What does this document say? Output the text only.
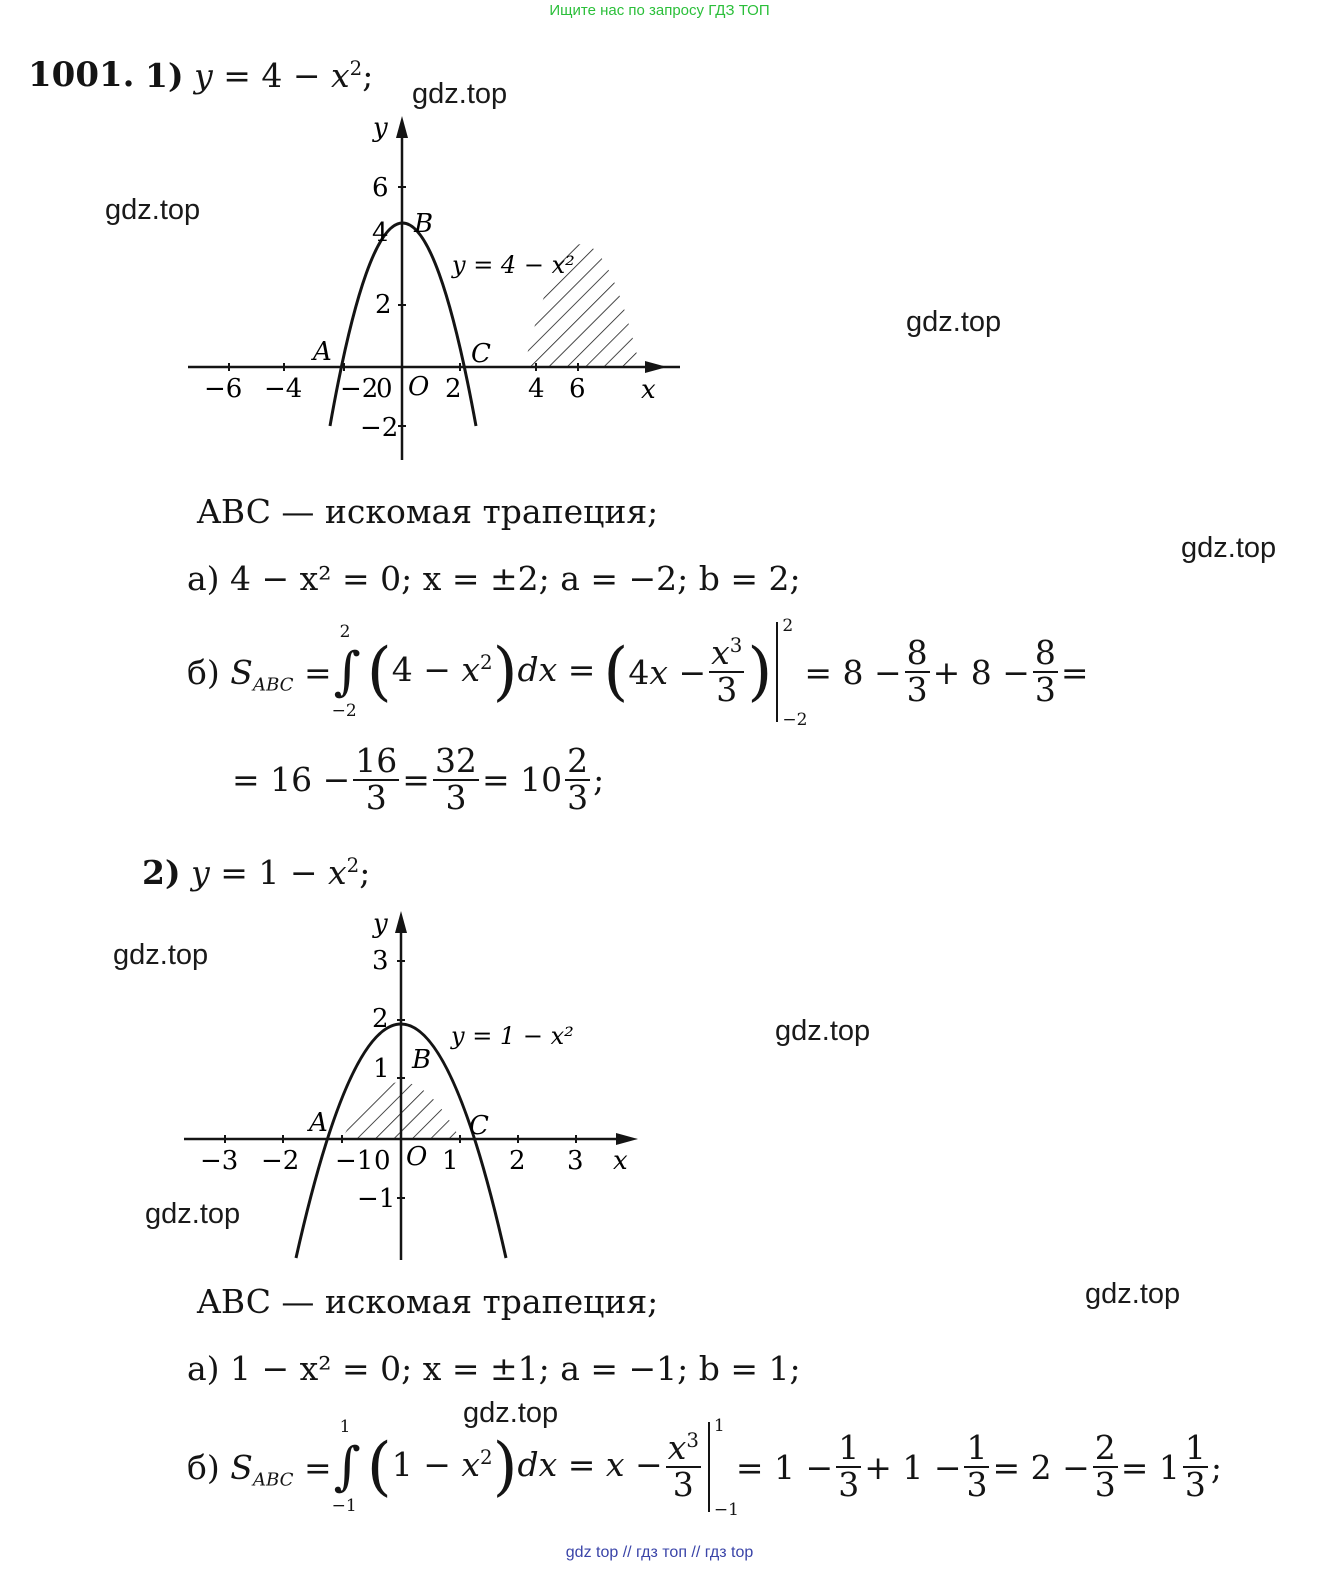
Ищите нас по запросу ГДЗ ТОП
gdz.top
gdz.top
gdz.top
gdz.top
gdz.top
gdz.top
gdz.top
gdz.top
gdz.top
1001. 1) $y = 4 - x^2$;
y
x
6
4
2
−2
−6 −4 −2
0 2	4 6
O
A
B
C
y = 4 − x²
ABC — искомая трапеция;
а) 4 − x² = 0; x = ±2; a = −2; b = 2;
б) $S_{ABC}$ = ∫
2
−2
$(4 - x^2)dx$ = ( $4x - \frac{x^3}{3}$ )
2
−2
= $8 - \frac{8}{3} + 8 - \frac{8}{3}$ =
= $16 - \frac{16}{3} = \frac{32}{3} = 10 \frac{2}{3}$ ;
2) $y = 1 - x^2$;
y
x
3
2
1
−1
−3 −2 −1 0 1 2 3
O
A
B
C
y = 1 − x²
ABC — искомая трапеция;
а) 1 − x² = 0; x = ±1; a = −1; b = 1;
б) $S_{ABC}$ = ∫
1
−1
$(1 - x^2)dx = x - \frac{x^3}{3}$
1
−1
= $1 - \frac{1}{3} + 1 - \frac{1}{3} = 2 - \frac{2}{3} = 1 \frac{1}{3}$ ;
gdz top // гдз топ // гдз top
